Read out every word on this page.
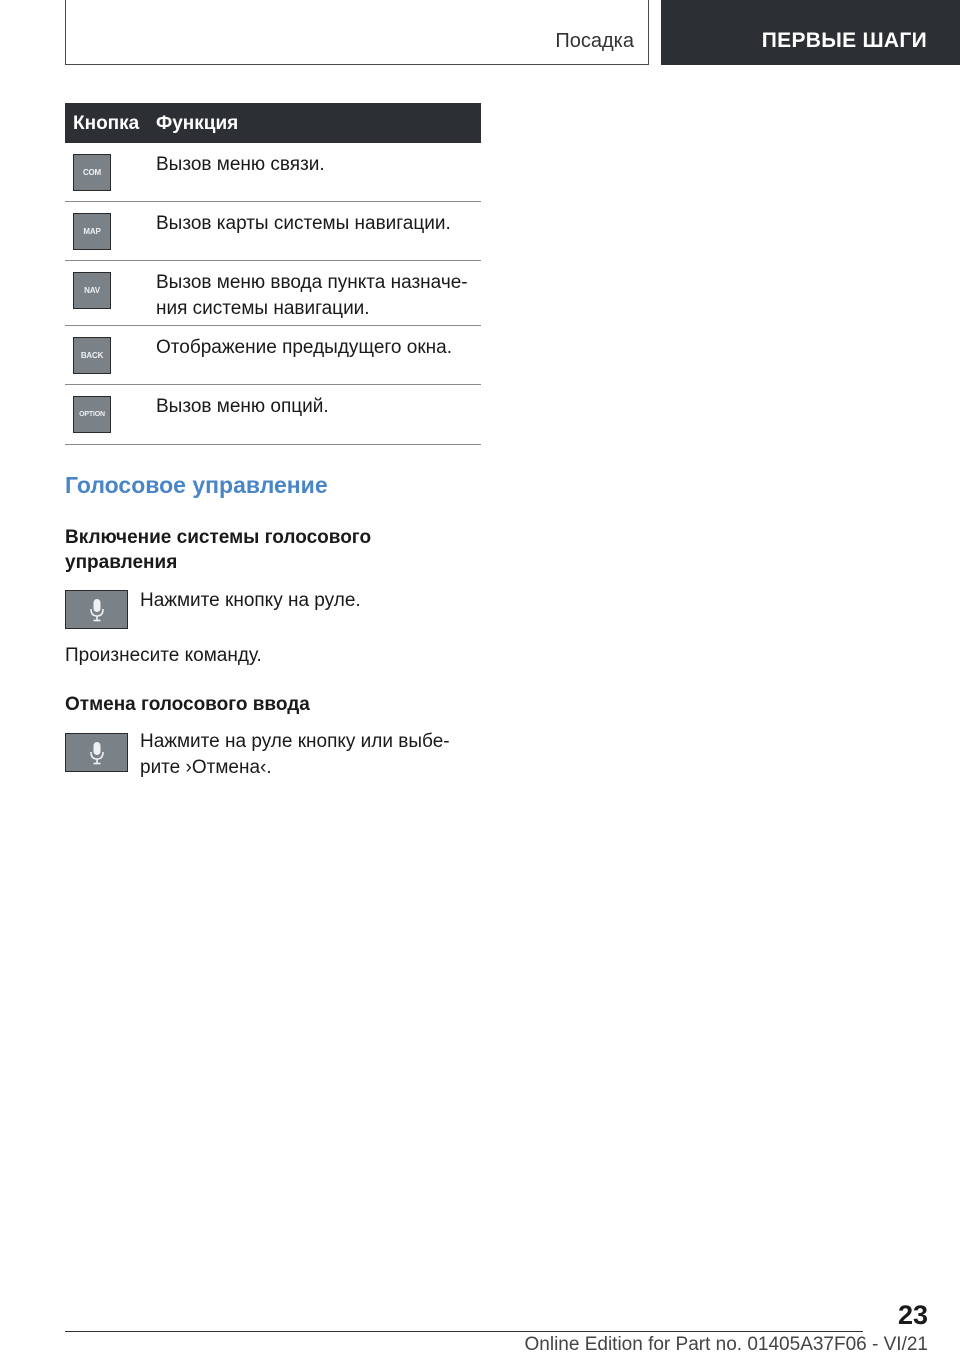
Посадка	ПЕРВЫЕ ШАГИ
Кнопка Функция
COM	Вызов меню связи.
MAP	Вызов карты системы навигации.
NAV	Вызов меню ввода пункта назначе-ния системы навигации.
BACK	Отображение предыдущего окна.
OPTION	Вызов меню опций.
Голосовое управление
Включение системы голосового управления
Нажмите кнопку на руле.
Произнесите команду.
Отмена голосового ввода
Нажмите на руле кнопку или выбе-рите ›Отмена‹.
23
Online Edition for Part no. 01405A37F06 - VI/21
